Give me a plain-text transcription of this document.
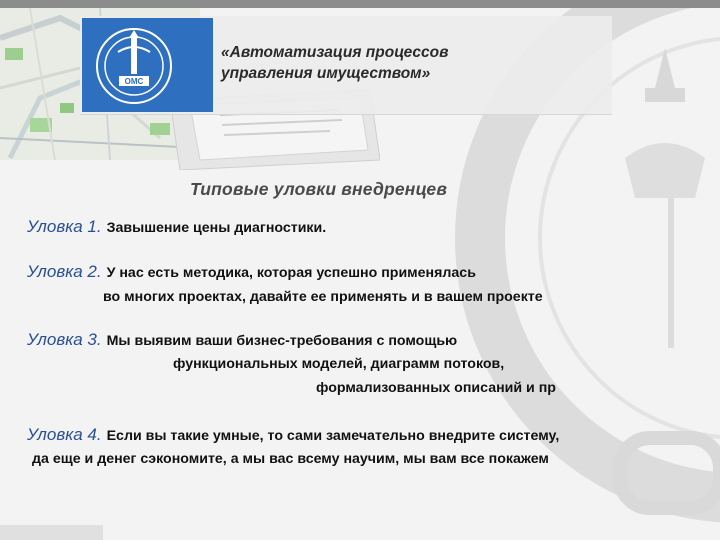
ОМС
«Автоматизация процессов
управления имуществом»
Типовые уловки внедренцев
Уловка 1. Завышение цены диагностики.
Уловка 2. У нас есть методика, которая успешно применялась
во многих проектах, давайте ее применять и в вашем проекте
Уловка 3. Мы выявим ваши бизнес-требования с помощью
функциональных моделей, диаграмм потоков,
формализованных описаний и пр
Уловка 4. Если вы такие умные, то сами замечательно внедрите систему,
да еще и денег сэкономите, а мы вас всему научим, мы вам все покажем
